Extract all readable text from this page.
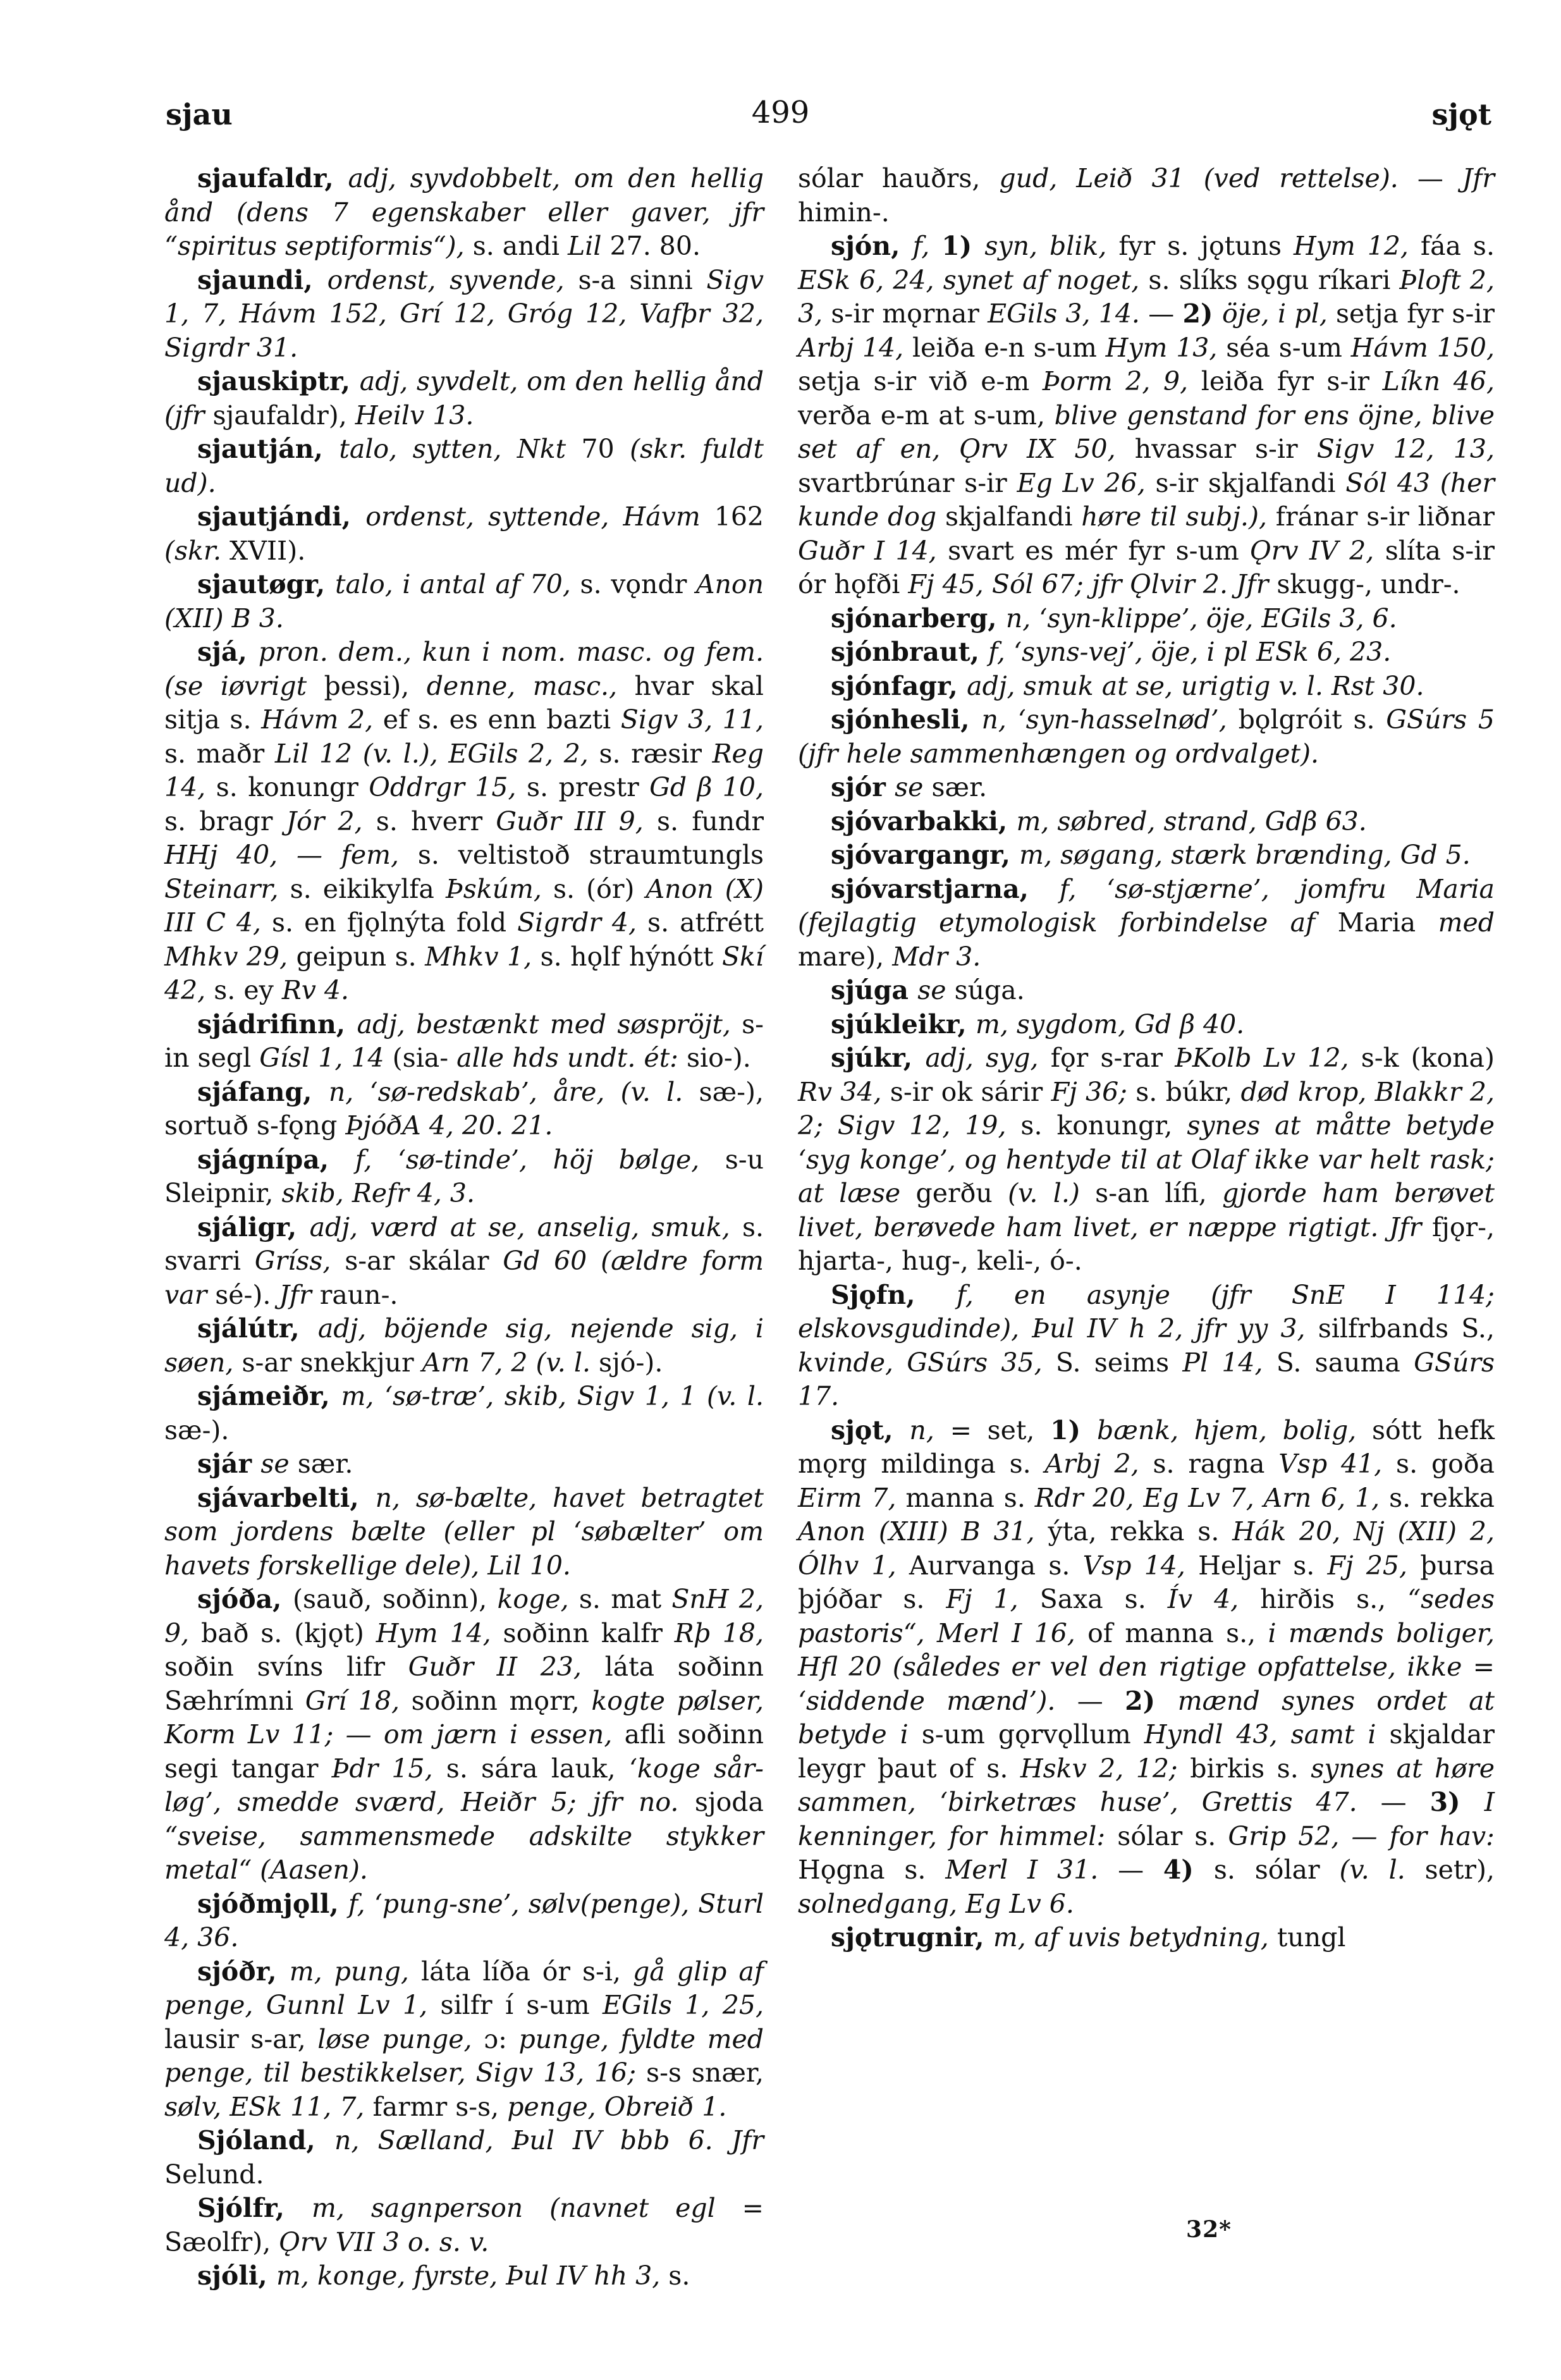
sjau	499	sjǫt

sjaufaldr, adj, syvdobbelt, om den hellig ånd (dens 7 egenskaber eller gaver, jfr “spiritus septiformis“), s. andi Lil 27. 80.

sjaundi, ordenst, syvende, s-a sinni Sigv 1, 7, Hávm 152, Grí 12, Gróg 12, Vafþr 32, Sigrdr 31.

sjauskiptr, adj, syvdelt, om den hellig ånd (jfr sjaufaldr), Heilv 13.

sjautján, talo, sytten, Nkt 70 (skr. fuldt ud).

sjautjándi, ordenst, syttende, Hávm 162 (skr. XVII).

sjautøgr, talo, i antal af 70, s. vǫndr Anon (XII) B 3.

sjá, pron. dem., kun i nom. masc. og fem. (se iøvrigt þessi), denne, masc., hvar skal sitja s. Hávm 2, ef s. es enn bazti Sigv 3, 11, s. maðr Lil 12 (v. l.), EGils 2, 2, s. ræsir Reg 14, s. konungr Oddrgr 15, s. prestr Gd β 10, s. bragr Jór 2, s. hverr Guðr III 9, s. fundr HHj 40, — fem, s. veltistoð straumtungls Steinarr, s. eikikylfa Þskúm, s. (ór) Anon (X) III C 4, s. en fjǫlnýta fold Sigrdr 4, s. atfrétt Mhkv 29, geipun s. Mhkv 1, s. hǫlf hýnótt Skí 42, s. ey Rv 4.

sjádrifinn, adj, bestænkt med søspröjt, s-in segl Gísl 1, 14 (sia- alle hds undt. ét: sio-).

sjáfang, n, ‘sø-redskab’, åre, (v. l. sæ-), sortuð s-fǫng ÞjóðA 4, 20. 21.

sjágnípa, f, ‘sø-tinde’, höj bølge, s-u Sleipnir, skib, Refr 4, 3.

sjáligr, adj, værd at se, anselig, smuk, s. svarri Gríss, s-ar skálar Gd 60 (ældre form var sé-). Jfr raun-.

sjálútr, adj, böjende sig, nejende sig, i søen, s-ar snekkjur Arn 7, 2 (v. l. sjó-).

sjámeiðr, m, ‘sø-træ’, skib, Sigv 1, 1 (v. l. sæ-).

sjár se sær.

sjávarbelti, n, sø-bælte, havet betragtet som jordens bælte (eller pl ‘søbælter’ om havets forskellige dele), Lil 10.

sjóða, (sauð, soðinn), koge, s. mat SnH 2, 9, bað s. (kjǫt) Hym 14, soðinn kalfr Rþ 18, soðin svíns lifr Guðr II 23, láta soðinn Sæhrímni Grí 18, soðinn mǫrr, kogte pølser, Korm Lv 11; — om jærn i essen, afli soðinn segi tangar Þdr 15, s. sára lauk, ‘koge sår-løg’, smedde sværd, Heiðr 5; jfr no. sjoda “sveise, sammensmede adskilte stykker metal“ (Aasen).

sjóðmjǫll, f, ‘pung-sne’, sølv(penge), Sturl 4, 36.

sjóðr, m, pung, láta líða ór s-i, gå glip af penge, Gunnl Lv 1, silfr í s-um EGils 1, 25, lausir s-ar, løse punge, ɔ: punge, fyldte med penge, til bestikkelser, Sigv 13, 16; s-s snær, sølv, ESk 11, 7, farmr s-s, penge, Obreið 1.

Sjóland, n, Sælland, Þul IV bbb 6. Jfr Selund.

Sjólfr, m, sagnperson (navnet egl = Sæolfr), Ǫrv VII 3 o. s. v.

sjóli, m, konge, fyrste, Þul IV hh 3, s.

sólar hauðrs, gud, Leið 31 (ved rettelse). — Jfr himin-.

sjón, f, 1) syn, blik, fyr s. jǫtuns Hym 12, fáa s. ESk 6, 24, synet af noget, s. slíks sǫgu ríkari Þloft 2, 3, s-ir mǫrnar EGils 3, 14. — 2) öje, i pl, setja fyr s-ir Arbj 14, leiða e-n s-um Hym 13, séa s-um Hávm 150, setja s-ir við e-m Þorm 2, 9, leiða fyr s-ir Líkn 46, verða e-m at s-um, blive genstand for ens öjne, blive set af en, Ǫrv IX 50, hvassar s-ir Sigv 12, 13, svartbrúnar s-ir Eg Lv 26, s-ir skjalfandi Sól 43 (her kunde dog skjalfandi høre til subj.), fránar s-ir liðnar Guðr I 14, svart es mér fyr s-um Ǫrv IV 2, slíta s-ir ór hǫfði Fj 45, Sól 67; jfr Ǫlvir 2. Jfr skugg-, undr-.

sjónarberg, n, ‘syn-klippe’, öje, EGils 3, 6.

sjónbraut, f, ‘syns-vej’, öje, i pl ESk 6, 23.

sjónfagr, adj, smuk at se, urigtig v. l. Rst 30.

sjónhesli, n, ‘syn-hasselnød’, bǫlgróit s. GSúrs 5 (jfr hele sammenhængen og ordvalget).

sjór se sær.

sjóvarbakki, m, søbred, strand, Gdβ 63.

sjóvargangr, m, søgang, stærk brænding, Gd 5.

sjóvarstjarna, f, ‘sø-stjærne’, jomfru Maria (fejlagtig etymologisk forbindelse af Maria med mare), Mdr 3.

sjúga se súga.

sjúkleikr, m, sygdom, Gd β 40.

sjúkr, adj, syg, fǫr s-rar ÞKolb Lv 12, s-k (kona) Rv 34, s-ir ok sárir Fj 36; s. búkr, død krop, Blakkr 2, 2; Sigv 12, 19, s. konungr, synes at måtte betyde ‘syg konge’, og hentyde til at Olaf ikke var helt rask; at læse gerðu (v. l.) s-an lífi, gjorde ham berøvet livet, berøvede ham livet, er næppe rigtigt. Jfr fjǫr-, hjarta-, hug-, keli-, ó-.

Sjǫfn, f, en asynje (jfr SnE I 114; elskovsgudinde), Þul IV h 2, jfr yy 3, silfrbands S., kvinde, GSúrs 35, S. seims Pl 14, S. sauma GSúrs 17.

sjǫt, n, = set, 1) bænk, hjem, bolig, sótt hefk mǫrg mildinga s. Arbj 2, s. ragna Vsp 41, s. goða Eirm 7, manna s. Rdr 20, Eg Lv 7, Arn 6, 1, s. rekka Anon (XIII) B 31, ýta, rekka s. Hák 20, Nj (XII) 2, Ólhv 1, Aurvanga s. Vsp 14, Heljar s. Fj 25, þursa þjóðar s. Fj 1, Saxa s. Ív 4, hirðis s., “sedes pastoris“, Merl I 16, of manna s., i mænds boliger, Hfl 20 (således er vel den rigtige opfattelse, ikke = ‘siddende mænd’). — 2) mænd synes ordet at betyde i s-um gǫrvǫllum Hyndl 43, samt i skjaldar leygr þaut of s. Hskv 2, 12; birkis s. synes at høre sammen, ‘birketræs huse’, Grettis 47. — 3) I kenninger, for himmel: sólar s. Grip 52, — for hav: Hǫgna s. Merl I 31. — 4) s. sólar (v. l. setr), solnedgang, Eg Lv 6.

sjǫtrugnir, m, af uvis betydning, tungl

32*
